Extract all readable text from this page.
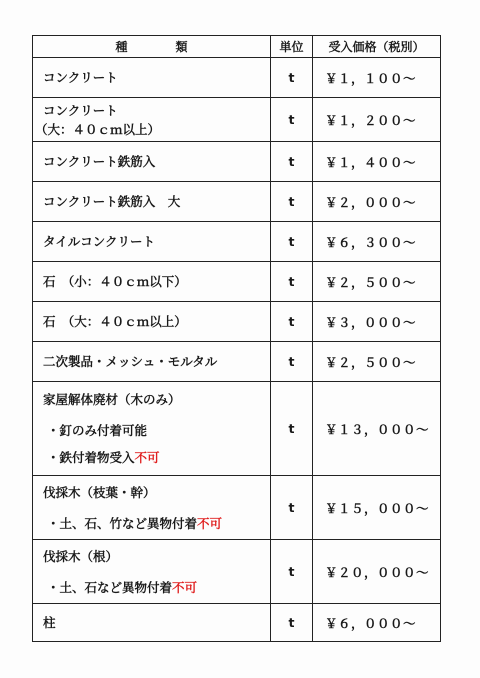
種　類	単位	受入価格（税別）

コンクリート	t	￥１，１００～

コンクリート
（大：４０ｃｍ以上）	t	￥１，２００～

コンクリート鉄筋入	t	￥１，４００～

コンクリート鉄筋入　大	t	￥２，０００～

タイルコンクリート	t	￥６，３００～

石　（小：４０ｃｍ以下）	t	￥２，５００～

石　（大：４０ｃｍ以上）	t	￥３，０００～

二次製品・メッシュ・モルタル	t	￥２，５００～

家屋解体廃材（木のみ）
・釘のみ付着可能
・鉄付着物受入不可	t	￥１３，０００～

伐採木（枝葉・幹）
・土、石、竹など異物付着不可	t	￥１５，０００～

伐採木（根）
・土、石など異物付着不可	t	￥２０，０００～

柱	t	￥６，０００～
